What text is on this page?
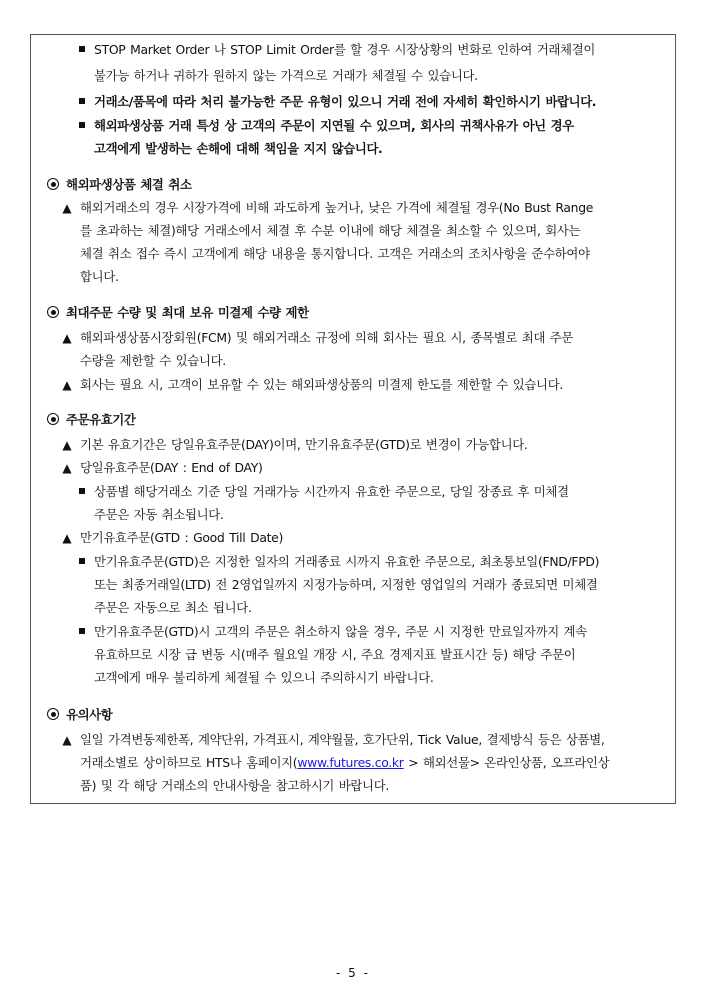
STOP Market Order 나 STOP Limit Order를 할 경우 시장상황의 변화로 인하여 거래체결이
불가능 하거나 귀하가 원하지 않는 가격으로 거래가 체결될 수 있습니다.
거래소/품목에 따라 처리 불가능한 주문 유형이 있으니 거래 전에 자세히 확인하시기 바랍니다.
해외파생상품 거래 특성 상 고객의 주문이 지연될 수 있으며, 회사의 귀책사유가 아닌 경우
고객에게 발생하는 손해에 대해 책임을 지지 않습니다.
해외파생상품 체결 취소
▲ 해외거래소의 경우 시장가격에 비해 과도하게 높거나, 낮은 가격에 체결될 경우(No Bust Range
를 초과하는 체결)해당 거래소에서 체결 후 수분 이내에 해당 체결을 최소할 수 있으며, 회사는
체결 취소 접수 즉시 고객에게 해당 내용을 통지합니다. 고객은 거래소의 조치사항을 준수하여야
합니다.
최대주문 수량 및 최대 보유 미결제 수량 제한
▲ 해외파생상품시장회원(FCM) 및 해외거래소 규정에 의해 회사는 필요 시, 종목별로 최대 주문
수량을 제한할 수 있습니다.
▲ 회사는 필요 시, 고객이 보유할 수 있는 해외파생상품의 미결제 한도를 제한할 수 있습니다.
주문유효기간
▲ 기본 유효기간은 당일유효주문(DAY)이며, 만기유효주문(GTD)로 변경이 가능합니다.
▲ 당일유효주문(DAY : End of DAY)
상품별 해당거래소 기준 당일 거래가능 시간까지 유효한 주문으로, 당일 장종료 후 미체결
주문은 자동 취소됩니다.
▲ 만기유효주문(GTD : Good Till Date)
만기유효주문(GTD)은 지정한 일자의 거래종료 시까지 유효한 주문으로, 최초통보일(FND/FPD)
또는 최종거래일(LTD) 전 2영업일까지 지정가능하며, 지정한 영업일의 거래가 종료되면 미체결
주문은 자동으로 최소 됩니다.
만기유효주문(GTD)시 고객의 주문은 취소하지 않을 경우, 주문 시 지정한 만료일자까지 계속
유효하므로 시장 급 변동 시(매주 월요일 개장 시, 주요 경제지표 발표시간 등) 해당 주문이
고객에게 매우 불리하게 체결될 수 있으니 주의하시기 바랍니다.
유의사항
▲ 일일 가격변동제한폭, 계약단위, 가격표시, 계약월물, 호가단위, Tick Value, 결제방식 등은 상품별,
거래소별로 상이하므로 HTS나 홈페이지(www.futures.co.kr > 해외선물> 온라인상품, 오프라인상
품) 및 각 해당 거래소의 안내사항을 참고하시기 바랍니다.
- 5 -
